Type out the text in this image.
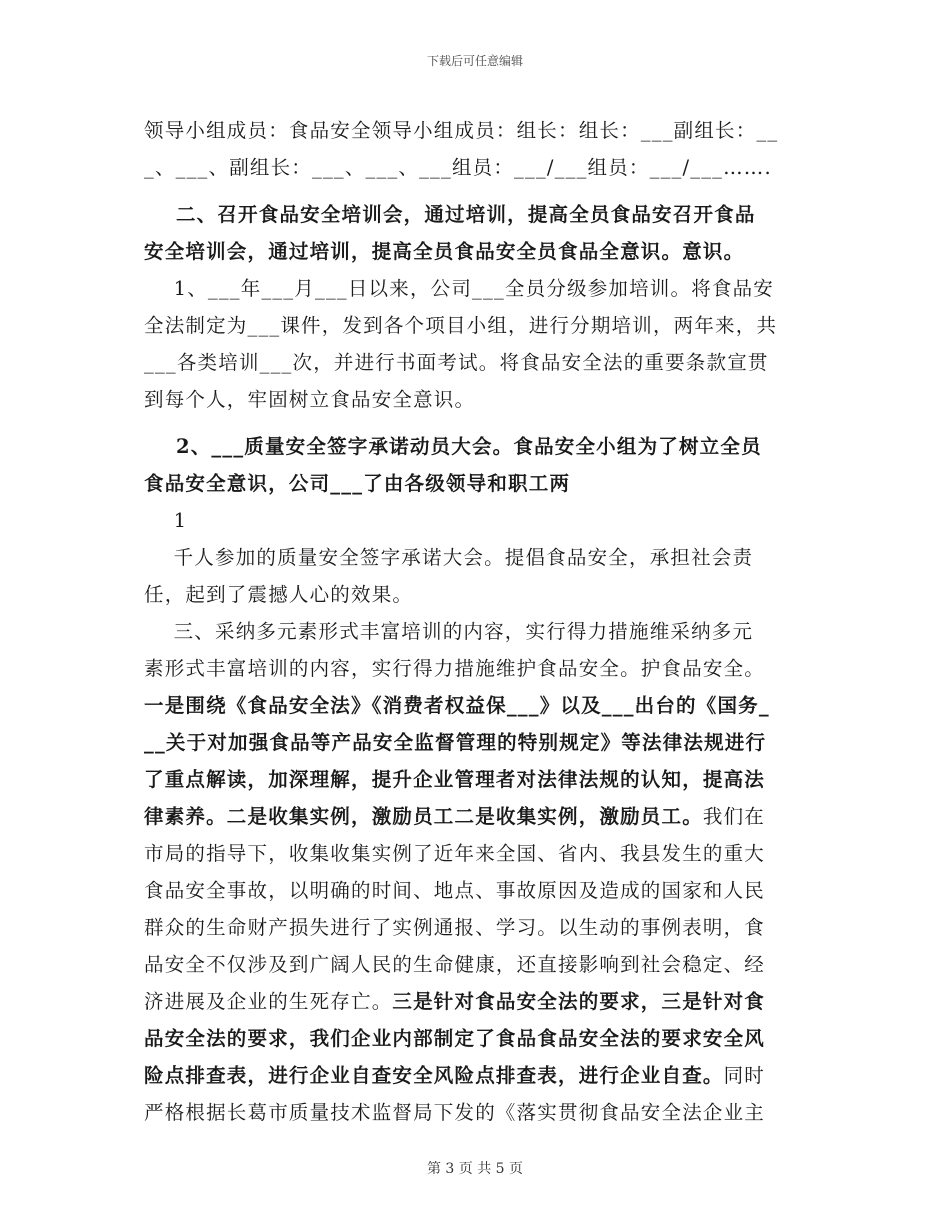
下载后可任意编辑
领导小组成员：食品安全领导小组成员：组长：组长：___副组长：__
_、___、副组长：___、___、___组员：___/___组员：___/___…….
二、召开食品安全培训会，通过培训，提高全员食品安召开食品
安全培训会，通过培训，提高全员食品安全员食品全意识。意识。
1、___年___月___日以来，公司___全员分级参加培训。将食品安
全法制定为___课件，发到各个项目小组，进行分期培训，两年来，共
___各类培训___次，并进行书面考试。将食品安全法的重要条款宣贯
到每个人，牢固树立食品安全意识。
2、___质量安全签字承诺动员大会。食品安全小组为了树立全员
食品安全意识，公司___了由各级领导和职工两
1
千人参加的质量安全签字承诺大会。提倡食品安全，承担社会责
任，起到了震撼人心的效果。
三、采纳多元素形式丰富培训的内容，实行得力措施维采纳多元
素形式丰富培训的内容，实行得力措施维护食品安全。护食品安全。
一是围绕《食品安全法》《消费者权益保___》以及___出台的《国务_
__关于对加强食品等产品安全监督管理的特别规定》等法律法规进行
了重点解读，加深理解，提升企业管理者对法律法规的认知，提高法
律素养。二是收集实例，激励员工二是收集实例，激励员工。我们在
市局的指导下，收集收集实例了近年来全国、省内、我县发生的重大
食品安全事故，以明确的时间、地点、事故原因及造成的国家和人民
群众的生命财产损失进行了实例通报、学习。以生动的事例表明，食
品安全不仅涉及到广阔人民的生命健康，还直接影响到社会稳定、经
济进展及企业的生死存亡。三是针对食品安全法的要求，三是针对食
品安全法的要求，我们企业内部制定了食品食品安全法的要求安全风
险点排查表，进行企业自查安全风险点排查表，进行企业自查。同时
严格根据长葛市质量技术监督局下发的《落实贯彻食品安全法企业主
第 3 页 共 5 页
